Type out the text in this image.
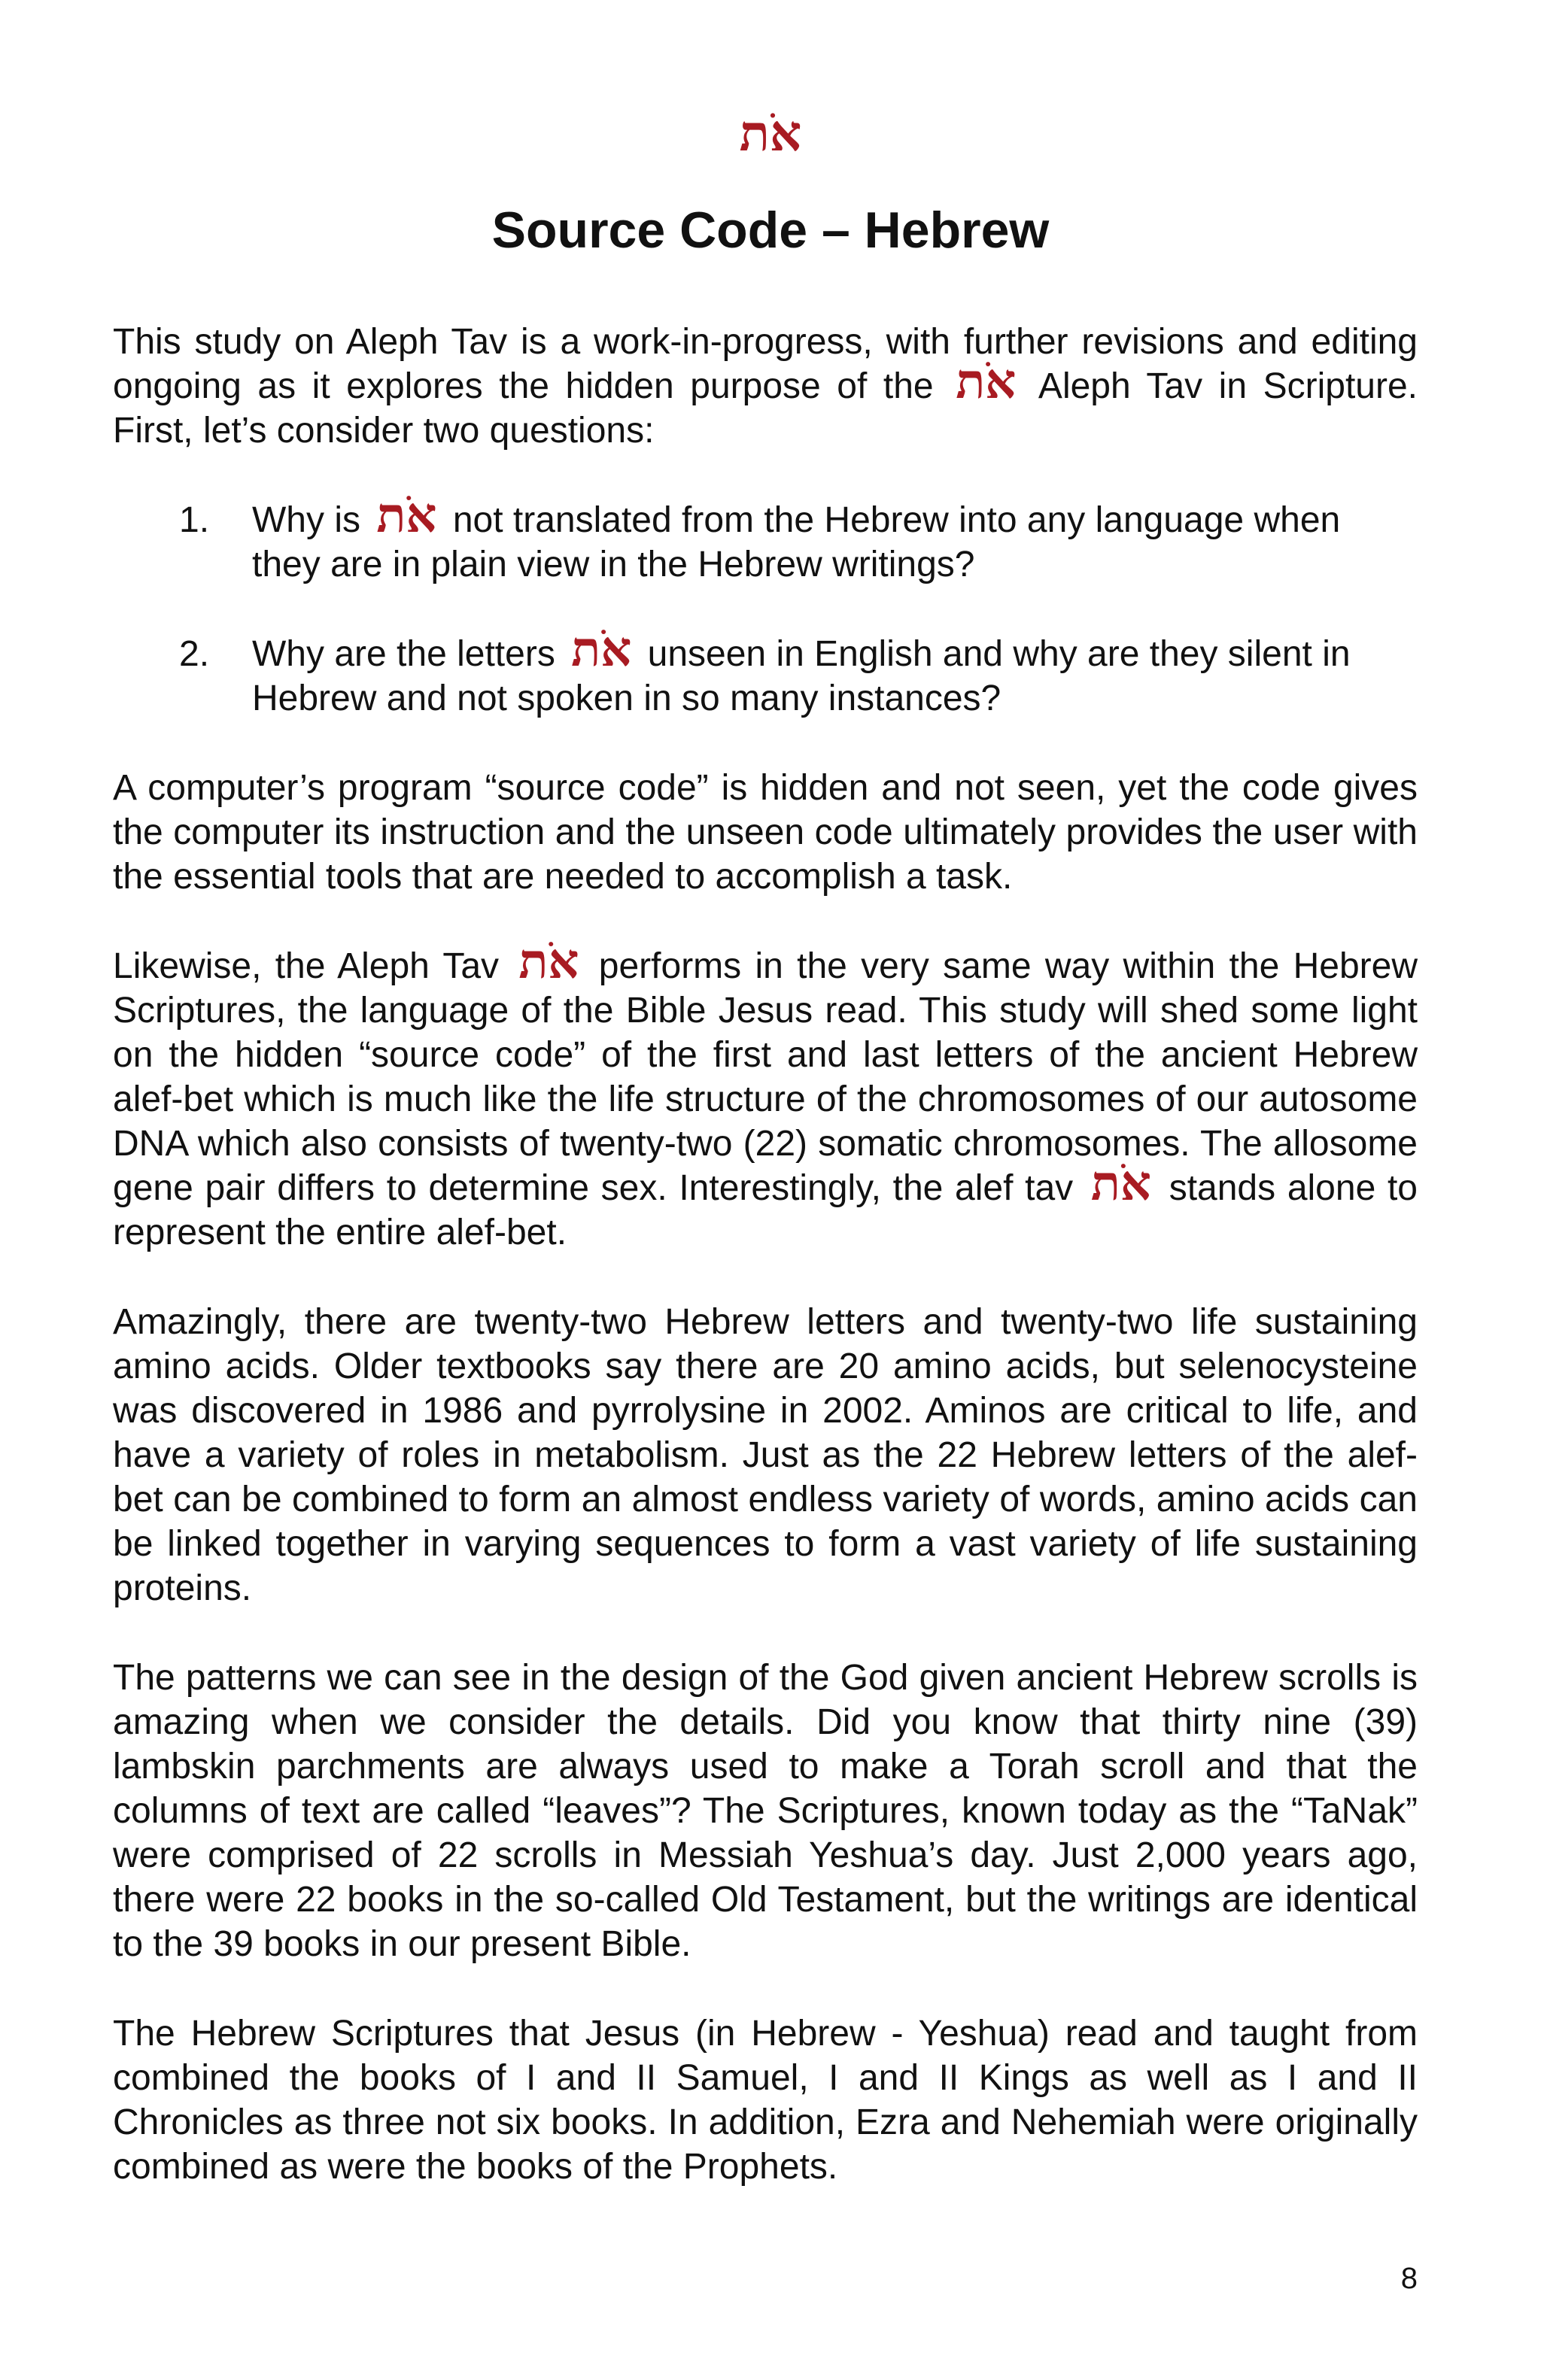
אֹת
Source Code – Hebrew

This study on Aleph Tav is a work-in-progress, with further revisions and editing ongoing as it explores the hidden purpose of the אֹת Aleph Tav in Scripture. First, let’s consider two questions:

1. Why is אֹת not translated from the Hebrew into any language when they are in plain view in the Hebrew writings?
2. Why are the letters אֹת unseen in English and why are they silent in Hebrew and not spoken in so many instances?

A computer’s program “source code” is hidden and not seen, yet the code gives the computer its instruction and the unseen code ultimately provides the user with the essential tools that are needed to accomplish a task.

Likewise, the Aleph Tav אֹת performs in the very same way within the Hebrew Scriptures, the language of the Bible Jesus read. This study will shed some light on the hidden “source code” of the first and last letters of the ancient Hebrew alef-bet which is much like the life structure of the chromosomes of our autosome DNA which also consists of twenty-two (22) somatic chromosomes. The allosome gene pair differs to determine sex. Interestingly, the alef tav אֹת stands alone to represent the entire alef-bet.

Amazingly, there are twenty-two Hebrew letters and twenty-two life sustaining amino acids. Older textbooks say there are 20 amino acids, but selenocysteine was discovered in 1986 and pyrrolysine in 2002. Aminos are critical to life, and have a variety of roles in metabolism. Just as the 22 Hebrew letters of the alef-bet can be combined to form an almost endless variety of words, amino acids can be linked together in varying sequences to form a vast variety of life sustaining proteins.

The patterns we can see in the design of the God given ancient Hebrew scrolls is amazing when we consider the details. Did you know that thirty nine (39) lambskin parchments are always used to make a Torah scroll and that the columns of text are called “leaves”? The Scriptures, known today as the “TaNak” were comprised of 22 scrolls in Messiah Yeshua’s day. Just 2,000 years ago, there were 22 books in the so-called Old Testament, but the writings are identical to the 39 books in our present Bible.

The Hebrew Scriptures that Jesus (in Hebrew - Yeshua) read and taught from combined the books of I and II Samuel, I and II Kings as well as I and II Chronicles as three not six books. In addition, Ezra and Nehemiah were originally combined as were the books of the Prophets.

8
